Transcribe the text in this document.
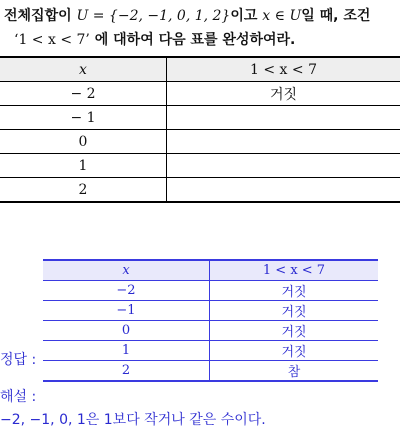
전체집합이 U = {−2, −1, 0, 1, 2}이고 x ∈ U일 때, 조건
‘1 < x < 7’ 에 대하여 다음 표를 완성하여라.
x	1 < x < 7
− 2	거짓
− 1	
0	
1	
2	
x	1 < x < 7
−2	거짓
−1	거짓
0	거짓
1	거짓
2	참
정답 :
해설 :
−2, −1, 0, 1은 1보다 작거나 같은 수이다.
